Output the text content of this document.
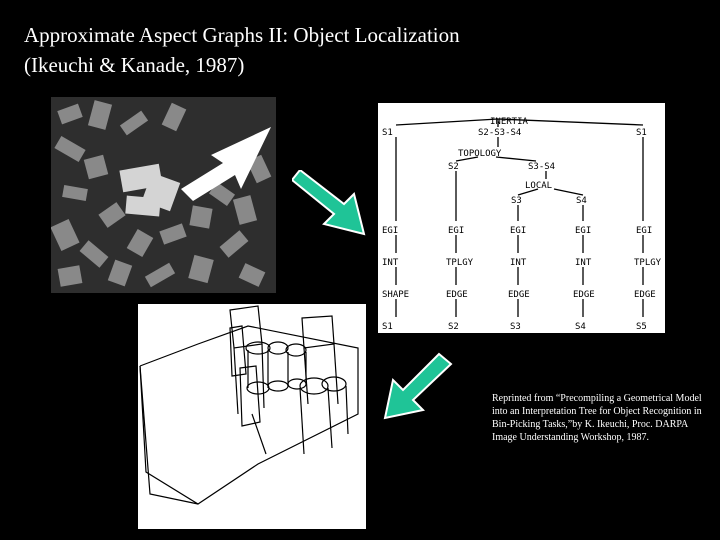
Approximate Aspect Graphs II: Object Localization
(Ikeuchi & Kanade, 1987)
INERTIA
S2-S3-S4
S1	S1
TOPOLOGY
S2	S3-S4
LOCAL
S3	S4
EGI	EGI	EGI	EGI	EGI
INT	TPLGY	INT	INT	TPLGY
SHAPE	EDGE	EDGE	EDGE	EDGE
S1	S2	S3	S4	S5
Reprinted from “Precompiling a Geometrical Model into an Interpretation Tree for Object Recognition in Bin-Picking Tasks,”by K. Ikeuchi, Proc. DARPA Image Understanding Workshop, 1987.
